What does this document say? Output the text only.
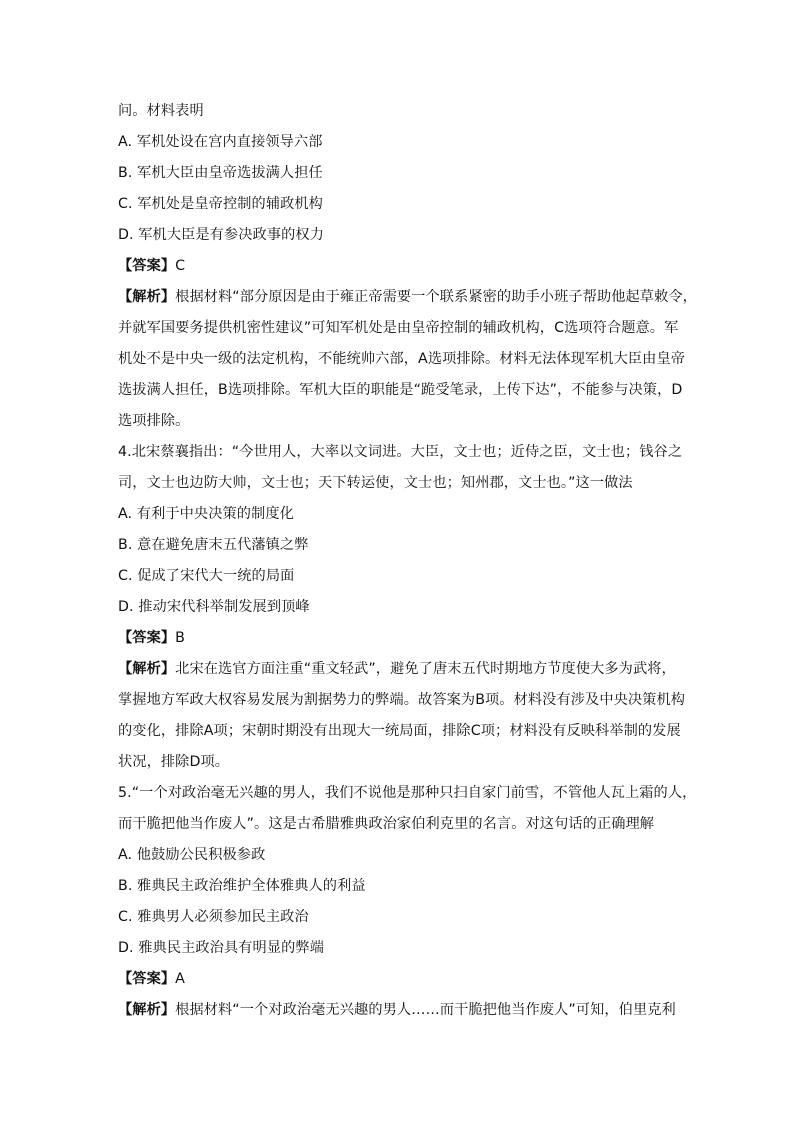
问。材料表明
A. 军机处设在宫内直接领导六部
B. 军机大臣由皇帝选拔满人担任
C. 军机处是皇帝控制的辅政机构
D. 军机大臣是有参决政事的权力
【答案】C
【解析】根据材料“部分原因是由于雍正帝需要一个联系紧密的助手小班子帮助他起草敕令，
并就军国要务提供机密性建议”可知军机处是由皇帝控制的辅政机构，C选项符合题意。军
机处不是中央一级的法定机构，不能统帅六部，A选项排除。材料无法体现军机大臣由皇帝
选拔满人担任，B选项排除。军机大臣的职能是“跪受笔录，上传下达”，不能参与决策，D
选项排除。
4.北宋蔡襄指出：“今世用人，大率以文词进。大臣，文士也；近侍之臣，文士也；钱谷之
司，文士也边防大帅，文士也；天下转运使，文士也；知州郡，文士也。”这一做法
A. 有利于中央决策的制度化
B. 意在避免唐末五代藩镇之弊
C. 促成了宋代大一统的局面
D. 推动宋代科举制发展到顶峰
【答案】B
【解析】北宋在选官方面注重“重文轻武”，避免了唐末五代时期地方节度使大多为武将，
掌握地方军政大权容易发展为割据势力的弊端。故答案为B项。材料没有涉及中央决策机构
的变化，排除A项；宋朝时期没有出现大一统局面，排除C项；材料没有反映科举制的发展
状况，排除D项。
5.“一个对政治毫无兴趣的男人，我们不说他是那种只扫自家门前雪，不管他人瓦上霜的人，
而干脆把他当作废人”。这是古希腊雅典政治家伯利克里的名言。对这句话的正确理解
A. 他鼓励公民积极参政
B. 雅典民主政治维护全体雅典人的利益
C. 雅典男人必须参加民主政治
D. 雅典民主政治具有明显的弊端
【答案】A
【解析】根据材料“一个对政治毫无兴趣的男人……而干脆把他当作废人”可知，伯里克利
